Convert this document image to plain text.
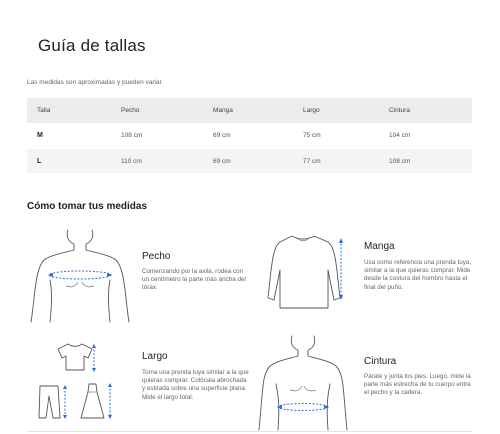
Guía de tallas
Las medidas son aproximadas y pueden variar.
Talla	Pecho	Manga	Largo	Cintura
M	108 cm	69 cm	75 cm	104 cm

L	110 cm	69 cm	77 cm	108 cm
Cómo tomar tus medidas
Pecho
Comenzando por la axila, rodea con un centímetro la parte más ancha del tórax.
Manga
Usa como referencia una prenda tuya, similar a la que quieras comprar. Mide desde la costura del hombro hasta el final del puño.
Largo
Toma una prenda tuya similar a la que quieras comprar. Colócala abrochada y estirada sobre una superficie plana. Mide el largo total.
Cintura
Párate y junta los pies. Luego, mide la parte más estrecha de tu cuerpo entre el pecho y la cadera.
